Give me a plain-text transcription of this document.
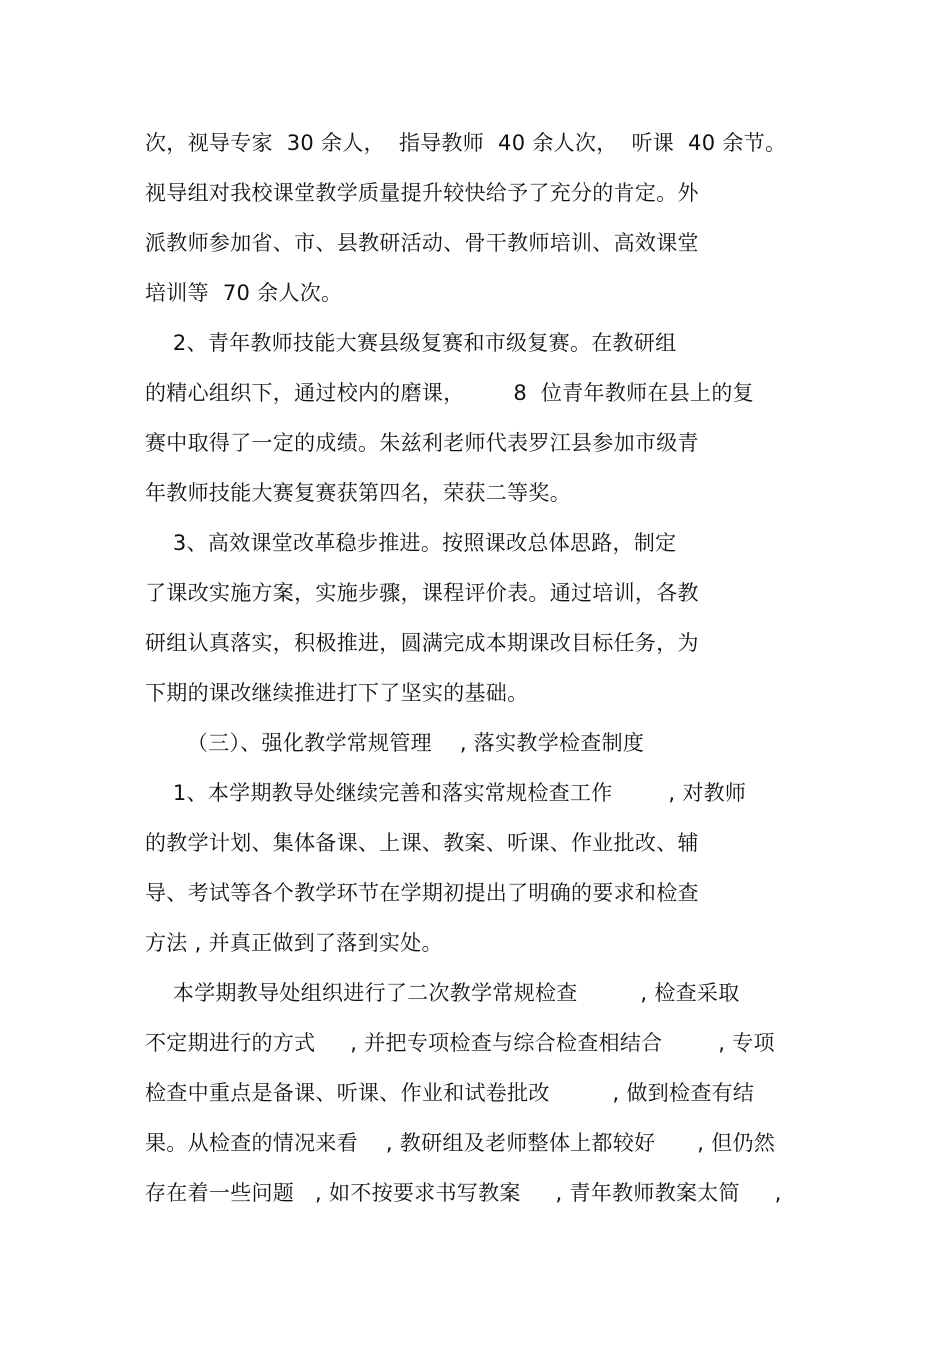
次，视导专家  30 余人，  指导教师  40 余人次，  听课  40 余节。
视导组对我校课堂教学质量提升较快给予了充分的肯定。外
派教师参加省、市、县教研活动、骨干教师培训、高效课堂
培训等  70 余人次。
2、青年教师技能大赛县级复赛和市级复赛。在教研组
的精心组织下，通过校内的磨课，       8  位青年教师在县上的复
赛中取得了一定的成绩。朱兹利老师代表罗江县参加市级青
年教师技能大赛复赛获第四名，荣获二等奖。
3、高效课堂改革稳步推进。按照课改总体思路，制定
了课改实施方案，实施步骤，课程评价表。通过培训，各教
研组认真落实，积极推进，圆满完成本期课改目标任务，为
下期的课改继续推进打下了坚实的基础。
（三）、强化教学常规管理    , 落实教学检查制度
1、本学期教导处继续完善和落实常规检查工作        , 对教师
的教学计划、集体备课、上课、教案、听课、作业批改、辅
导、考试等各个教学环节在学期初提出了明确的要求和检查
方法 , 并真正做到了落到实处。
本学期教导处组织进行了二次教学常规检查         , 检查采取
不定期进行的方式     , 并把专项检查与综合检查相结合        , 专项
检查中重点是备课、听课、作业和试卷批改         , 做到检查有结
果。从检查的情况来看    , 教研组及老师整体上都较好      , 但仍然
存在着一些问题   , 如不按要求书写教案     , 青年教师教案太简     ,
